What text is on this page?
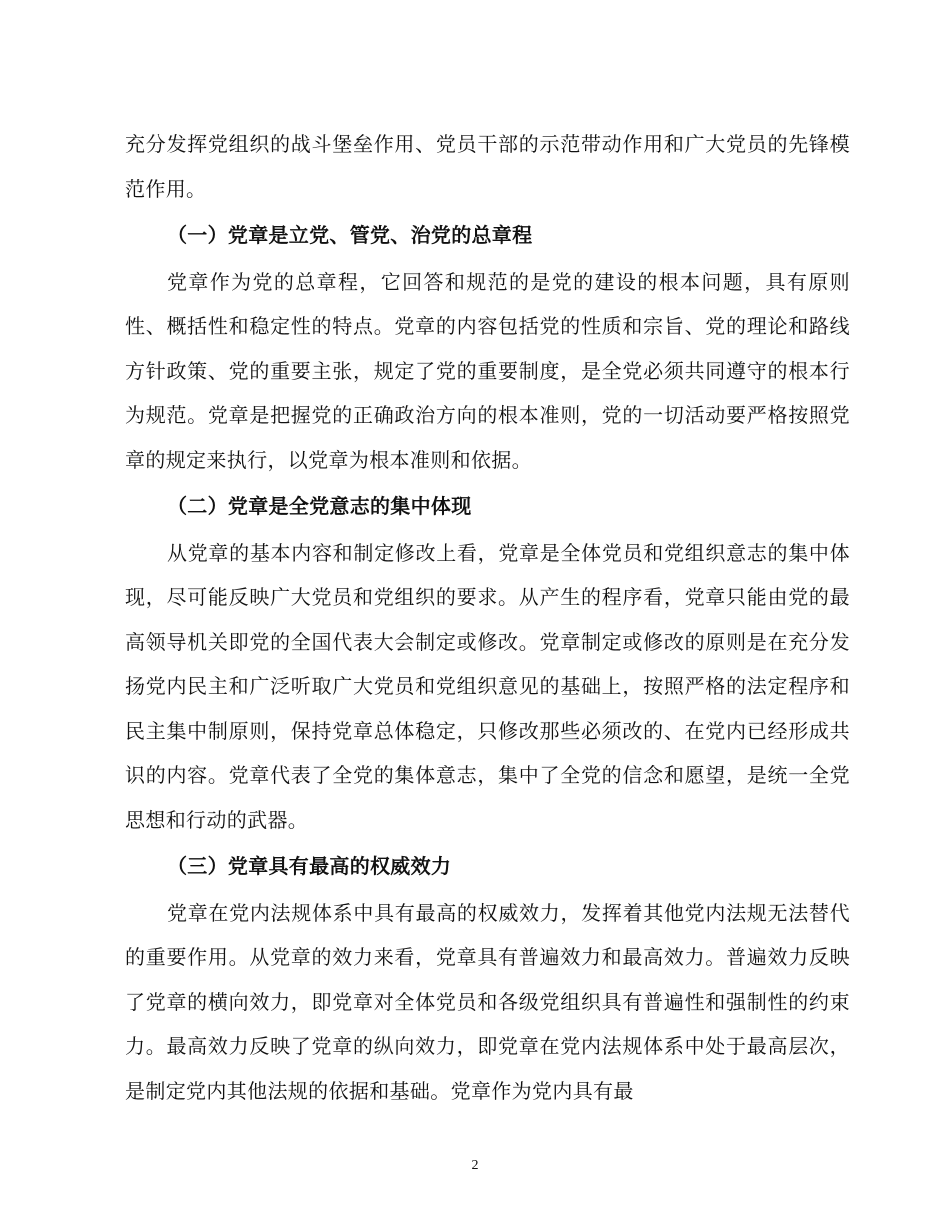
充分发挥党组织的战斗堡垒作用、党员干部的示范带动作用和广大党员的先锋模范作用。

（一）党章是立党、管党、治党的总章程

党章作为党的总章程，它回答和规范的是党的建设的根本问题，具有原则性、概括性和稳定性的特点。党章的内容包括党的性质和宗旨、党的理论和路线方针政策、党的重要主张，规定了党的重要制度，是全党必须共同遵守的根本行为规范。党章是把握党的正确政治方向的根本准则，党的一切活动要严格按照党章的规定来执行，以党章为根本准则和依据。

（二）党章是全党意志的集中体现

从党章的基本内容和制定修改上看，党章是全体党员和党组织意志的集中体现，尽可能反映广大党员和党组织的要求。从产生的程序看，党章只能由党的最高领导机关即党的全国代表大会制定或修改。党章制定或修改的原则是在充分发扬党内民主和广泛听取广大党员和党组织意见的基础上，按照严格的法定程序和民主集中制原则，保持党章总体稳定，只修改那些必须改的、在党内已经形成共识的内容。党章代表了全党的集体意志，集中了全党的信念和愿望，是统一全党思想和行动的武器。

（三）党章具有最高的权威效力

党章在党内法规体系中具有最高的权威效力，发挥着其他党内法规无法替代的重要作用。从党章的效力来看，党章具有普遍效力和最高效力。普遍效力反映了党章的横向效力，即党章对全体党员和各级党组织具有普遍性和强制性的约束力。最高效力反映了党章的纵向效力，即党章在党内法规体系中处于最高层次，是制定党内其他法规的依据和基础。党章作为党内具有最

2
